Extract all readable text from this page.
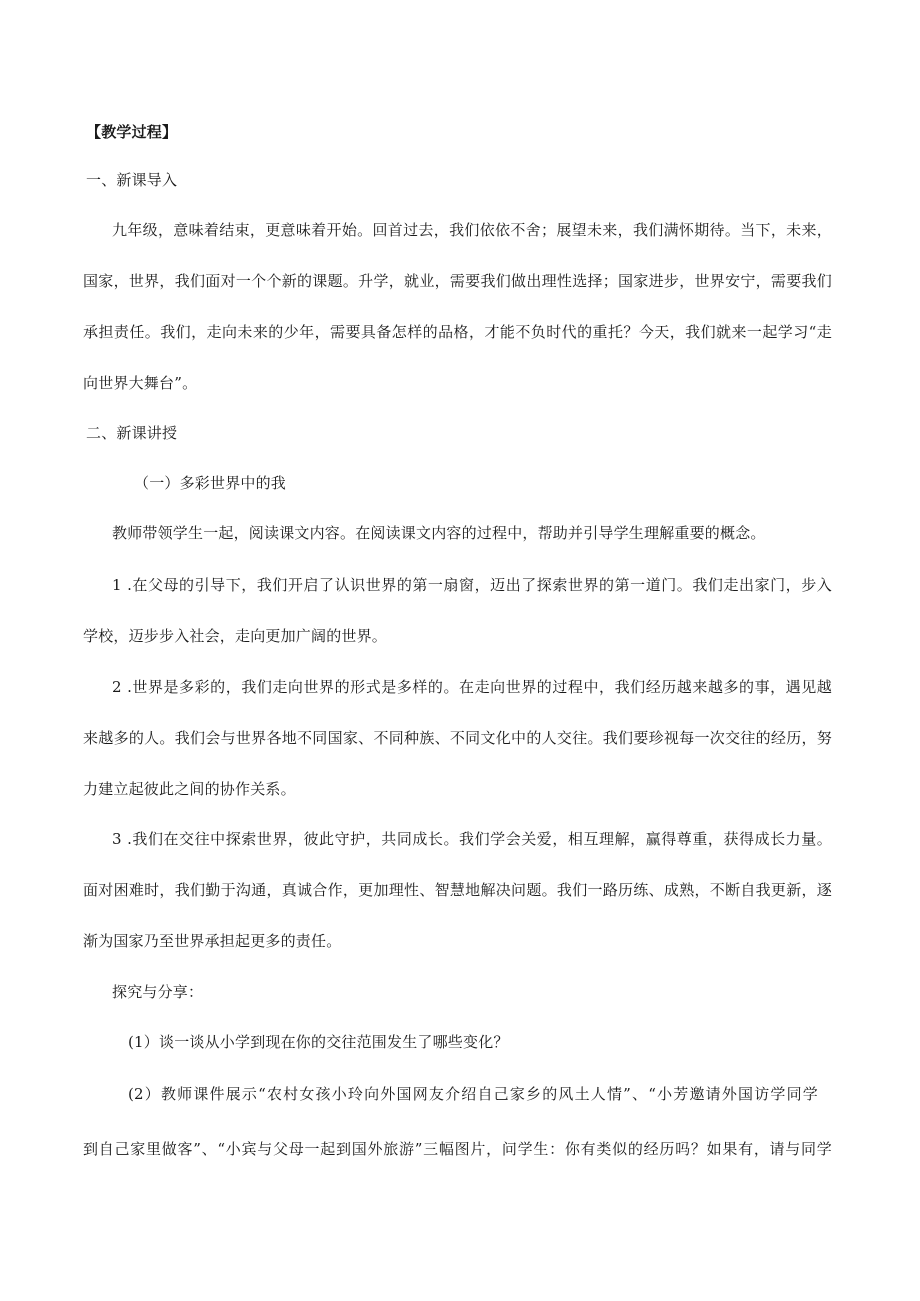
【教学过程】
一、新课导入
九年级，意味着结束，更意味着开始。回首过去，我们依依不舍；展望未来，我们满怀期待。当下，未来，
国家，世界，我们面对一个个新的课题。升学，就业，需要我们做出理性选择；国家进步，世界安宁，需要我们
承担责任。我们，走向未来的少年，需要具备怎样的品格，才能不负时代的重托？今天，我们就来一起学习“走
向世界大舞台”。
二、新课讲授
（一）多彩世界中的我
教师带领学生一起，阅读课文内容。在阅读课文内容的过程中，帮助并引导学生理解重要的概念。
1 .在父母的引导下，我们开启了认识世界的第一扇窗，迈出了探索世界的第一道门。我们走出家门，步入
学校，迈步步入社会，走向更加广阔的世界。
2 .世界是多彩的，我们走向世界的形式是多样的。在走向世界的过程中，我们经历越来越多的事，遇见越
来越多的人。我们会与世界各地不同国家、不同种族、不同文化中的人交往。我们要珍视每一次交往的经历，努
力建立起彼此之间的协作关系。
3 .我们在交往中探索世界，彼此守护，共同成长。我们学会关爱，相互理解，赢得尊重，获得成长力量。
面对困难时，我们勤于沟通，真诚合作，更加理性、智慧地解决问题。我们一路历练、成熟，不断自我更新，逐
渐为国家乃至世界承担起更多的责任。
探究与分享：
(1）谈一谈从小学到现在你的交往范围发生了哪些变化？
(2）教师课件展示“农村女孩小玲向外国网友介绍自己家乡的风土人情”、“小芳邀请外国访学同学
到自己家里做客”、“小宾与父母一起到国外旅游”三幅图片，问学生：你有类似的经历吗？如果有，请与同学
